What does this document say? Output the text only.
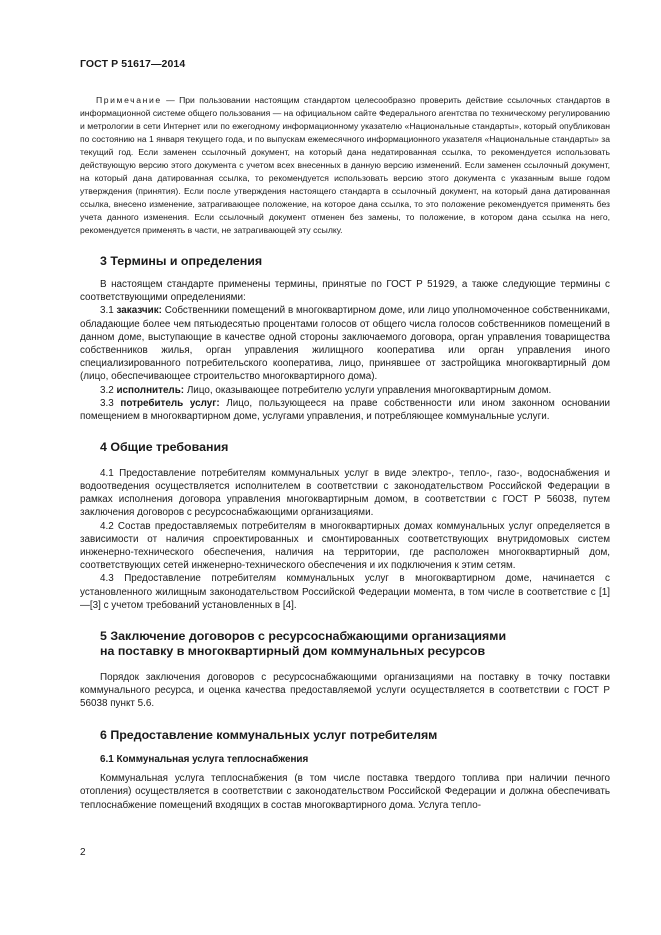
ГОСТ Р 51617—2014

Примечание — При пользовании настоящим стандартом целесообразно проверить действие ссылочных стандартов в информационной системе общего пользования — на официальном сайте Федерального агентства по техническому регулированию и метрологии в сети Интернет или по ежегодному информационному указателю «Национальные стандарты», который опубликован по состоянию на 1 января текущего года, и по выпускам ежемесячного информационного указателя «Национальные стандарты» за текущий год. Если заменен ссылочный документ, на который дана недатированная ссылка, то рекомендуется использовать действующую версию этого документа с учетом всех внесенных в данную версию изменений. Если заменен ссылочный документ, на который дана датированная ссылка, то рекомендуется использовать версию этого документа с указанным выше годом утверждения (принятия). Если после утверждения настоящего стандарта в ссылочный документ, на который дана датированная ссылка, внесено изменение, затрагивающее положение, на которое дана ссылка, то это положение рекомендуется применять без учета данного изменения. Если ссылочный документ отменен без замены, то положение, в котором дана ссылка на него, рекомендуется применять в части, не затрагивающей эту ссылку.

3 Термины и определения

В настоящем стандарте применены термины, принятые по ГОСТ Р 51929, а также следующие термины с соответствующими определениями:

3.1 заказчик: Собственники помещений в многоквартирном доме, или лицо уполномоченное собственниками, обладающие более чем пятьюдесятью процентами голосов от общего числа голосов собственников помещений в данном доме, выступающие в качестве одной стороны заключаемого договора, орган управления товарищества собственников жилья, орган управления жилищного кооператива или орган управления иного специализированного потребительского кооператива, лицо, принявшее от застройщика многоквартирный дом (лицо, обеспечивающее строительство многоквартирного дома).

3.2 исполнитель: Лицо, оказывающее потребителю услуги управления многоквартирным домом.

3.3 потребитель услуг: Лицо, пользующееся на праве собственности или ином законном основании помещением в многоквартирном доме, услугами управления, и потребляющее коммунальные услуги.

4 Общие требования

4.1 Предоставление потребителям коммунальных услуг в виде электро-, тепло-, газо-, водоснабжения и водоотведения осуществляется исполнителем в соответствии с законодательством Российской Федерации в рамках исполнения договора управления многоквартирным домом, в соответствии с ГОСТ Р 56038, путем заключения договоров с ресурсоснабжающими организациями.

4.2 Состав предоставляемых потребителям в многоквартирных домах коммунальных услуг определяется в зависимости от наличия спроектированных и смонтированных соответствующих внутридомовых систем инженерно-технического обеспечения, наличия на территории, где расположен многоквартирный дом, соответствующих сетей инженерно-технического обеспечения и их подключения к этим сетям.

4.3 Предоставление потребителям коммунальных услуг в многоквартирном доме, начинается с установленного жилищным законодательством Российской Федерации момента, в том числе в соответствие с [1]—[3] с учетом требований установленных в [4].

5 Заключение договоров с ресурсоснабжающими организациями
на поставку в многоквартирный дом коммунальных ресурсов

Порядок заключения договоров с ресурсоснабжающими организациями на поставку в точку поставки коммунального ресурса, и оценка качества предоставляемой услуги осуществляется в соответствии с ГОСТ Р 56038 пункт 5.6.

6 Предоставление коммунальных услуг потребителям
6.1 Коммунальная услуга теплоснабжения

Коммунальная услуга теплоснабжения (в том числе поставка твердого топлива при наличии печного отопления) осуществляется в соответствии с законодательством Российской Федерации и должна обеспечивать теплоснабжение помещений входящих в состав многоквартирного дома. Услуга тепло-

2
